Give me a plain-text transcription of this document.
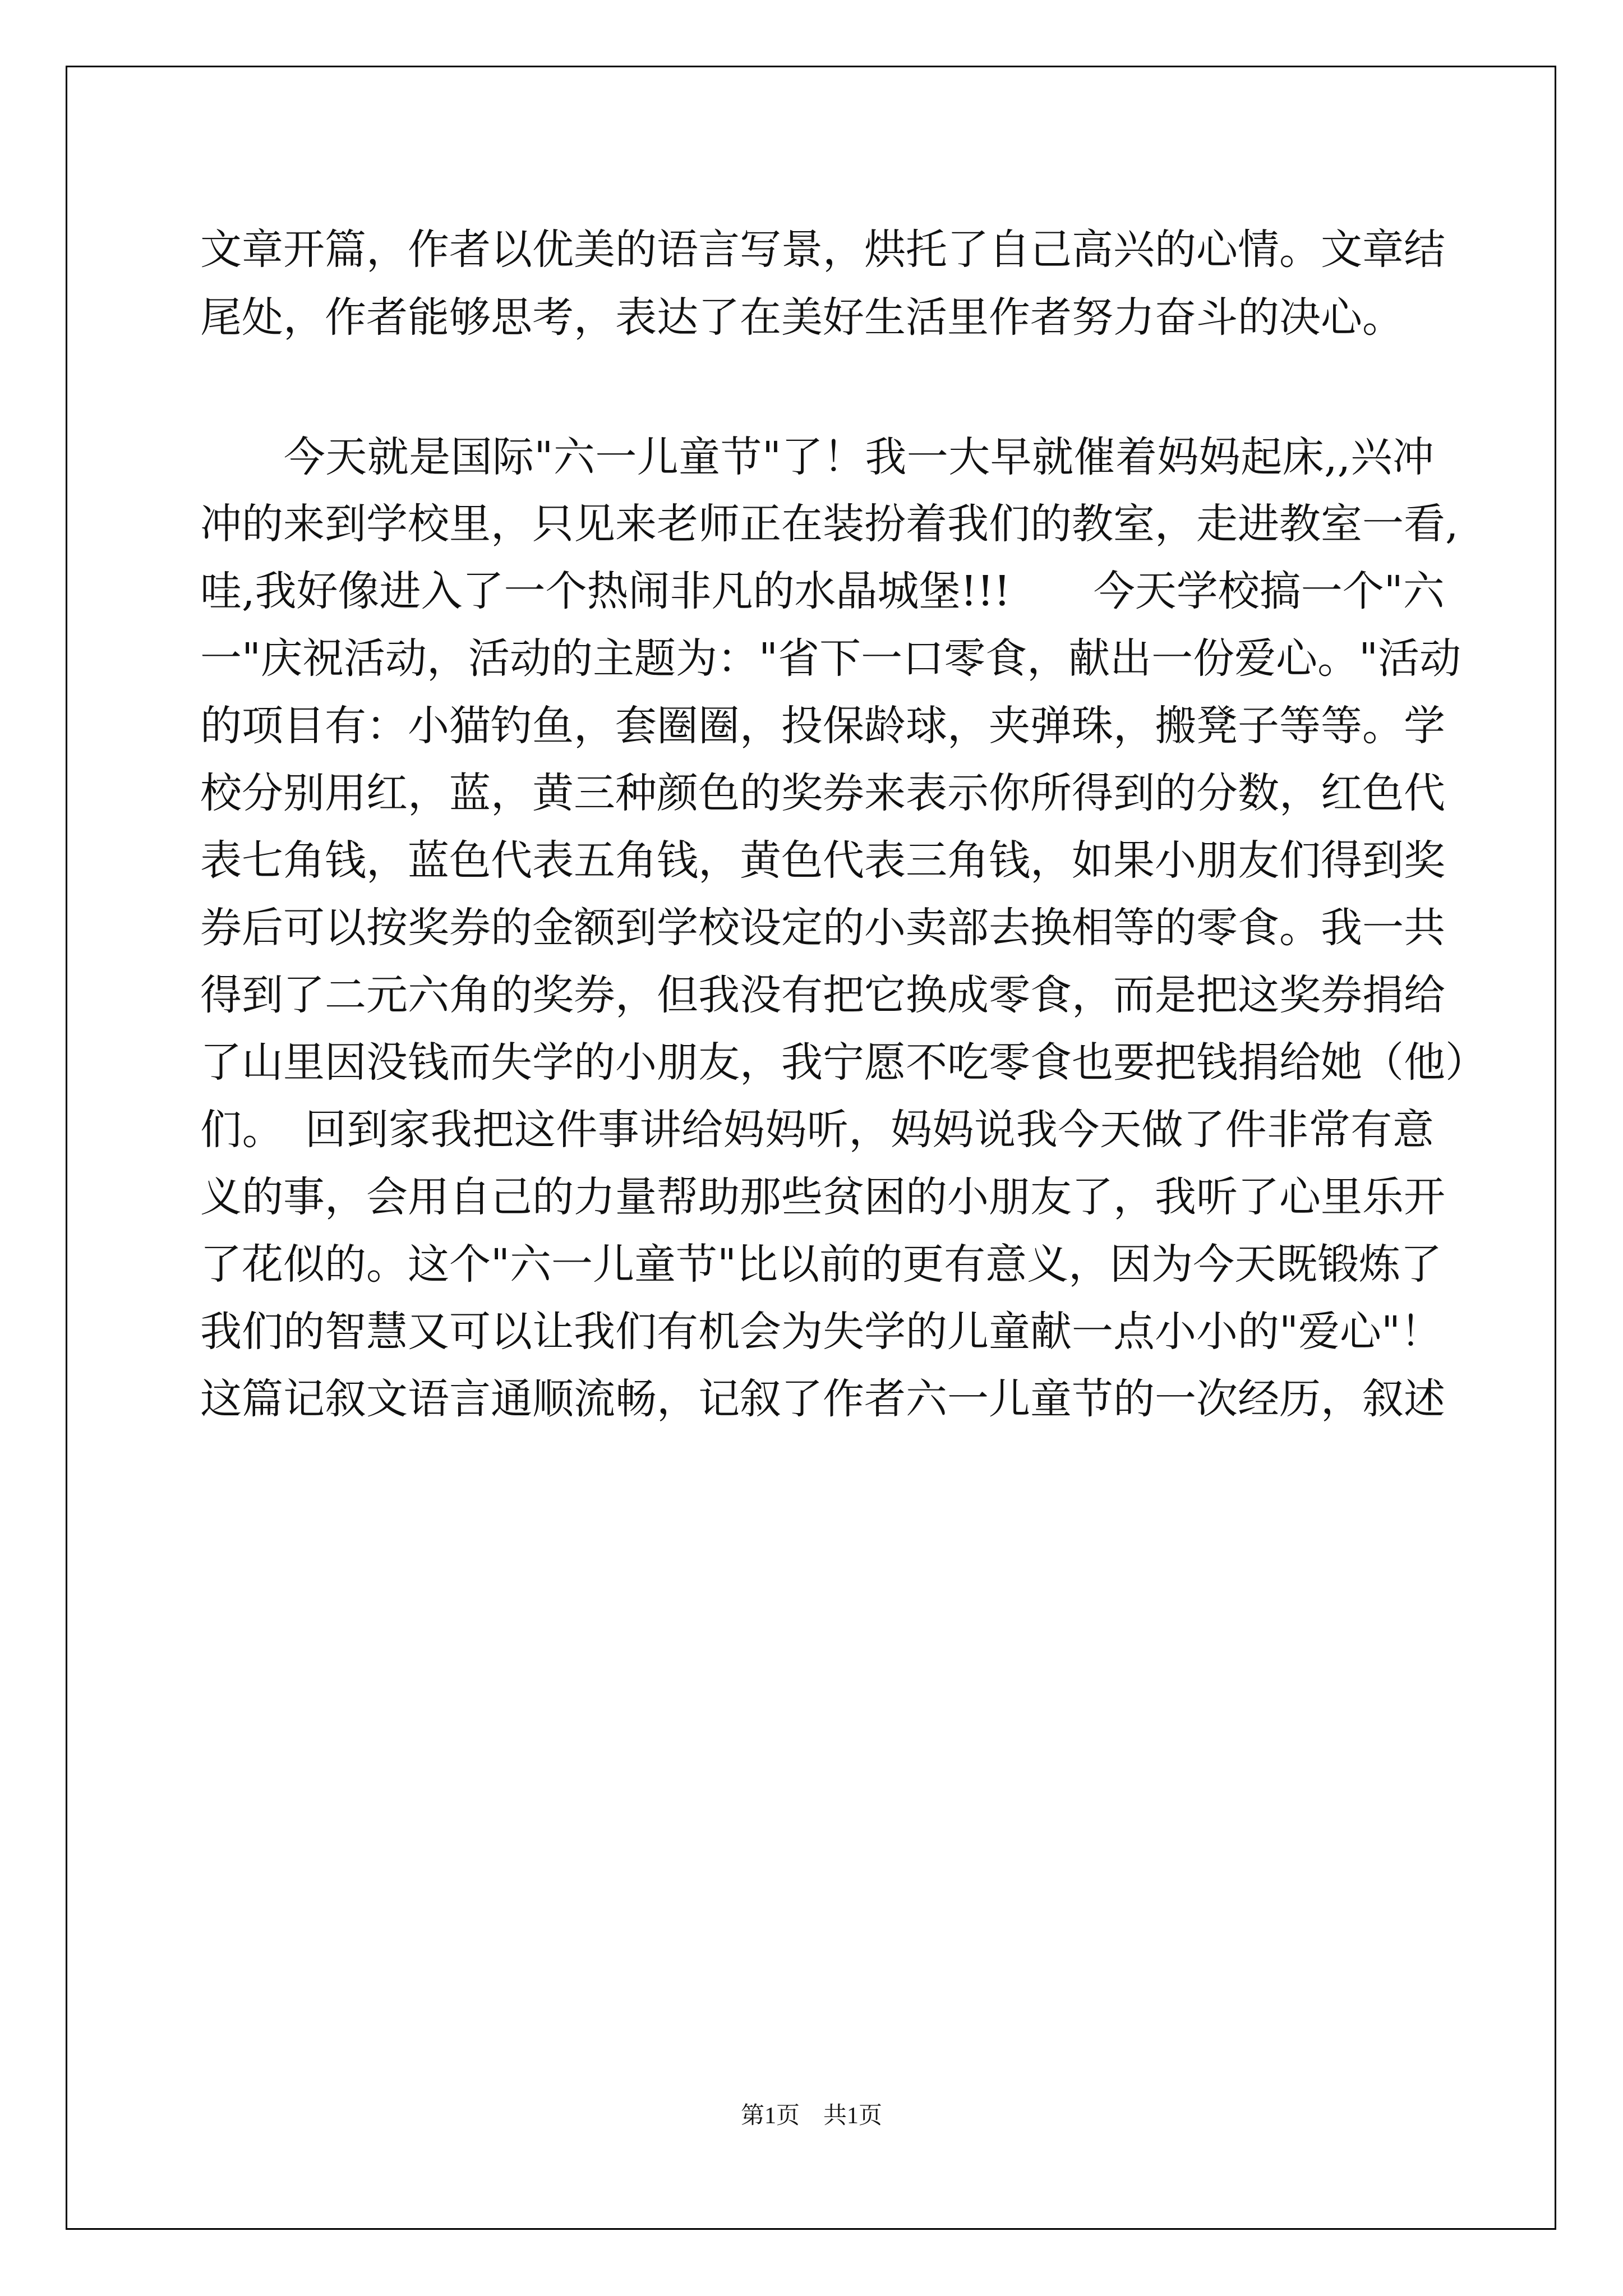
文章开篇，作者以优美的语言写景，烘托了自己高兴的心情。文章结
尾处，作者能够思考，表达了在美好生活里作者努力奋斗的决心。
　　今天就是国际"六一儿童节"了！我一大早就催着妈妈起床,,兴冲
冲的来到学校里，只见来老师正在装扮着我们的教室，走进教室一看,
哇,我好像进入了一个热闹非凡的水晶城堡!!!　　今天学校搞一个"六
一"庆祝活动，活动的主题为："省下一口零食，献出一份爱心。"活动
的项目有：小猫钓鱼，套圈圈，投保龄球，夹弹珠，搬凳子等等。学
校分别用红，蓝，黄三种颜色的奖券来表示你所得到的分数，红色代
表七角钱，蓝色代表五角钱，黄色代表三角钱，如果小朋友们得到奖
券后可以按奖券的金额到学校设定的小卖部去换相等的零食。我一共
得到了二元六角的奖券，但我没有把它换成零食，而是把这奖券捐给
了山里因没钱而失学的小朋友，我宁愿不吃零食也要把钱捐给她（他）
们。　回到家我把这件事讲给妈妈听，妈妈说我今天做了件非常有意
义的事，会用自己的力量帮助那些贫困的小朋友了，我听了心里乐开
了花似的。这个"六一儿童节"比以前的更有意义，因为今天既锻炼了
我们的智慧又可以让我们有机会为失学的儿童献一点小小的"爱心"！
这篇记叙文语言通顺流畅，记叙了作者六一儿童节的一次经历，叙述
第1页　共1页
